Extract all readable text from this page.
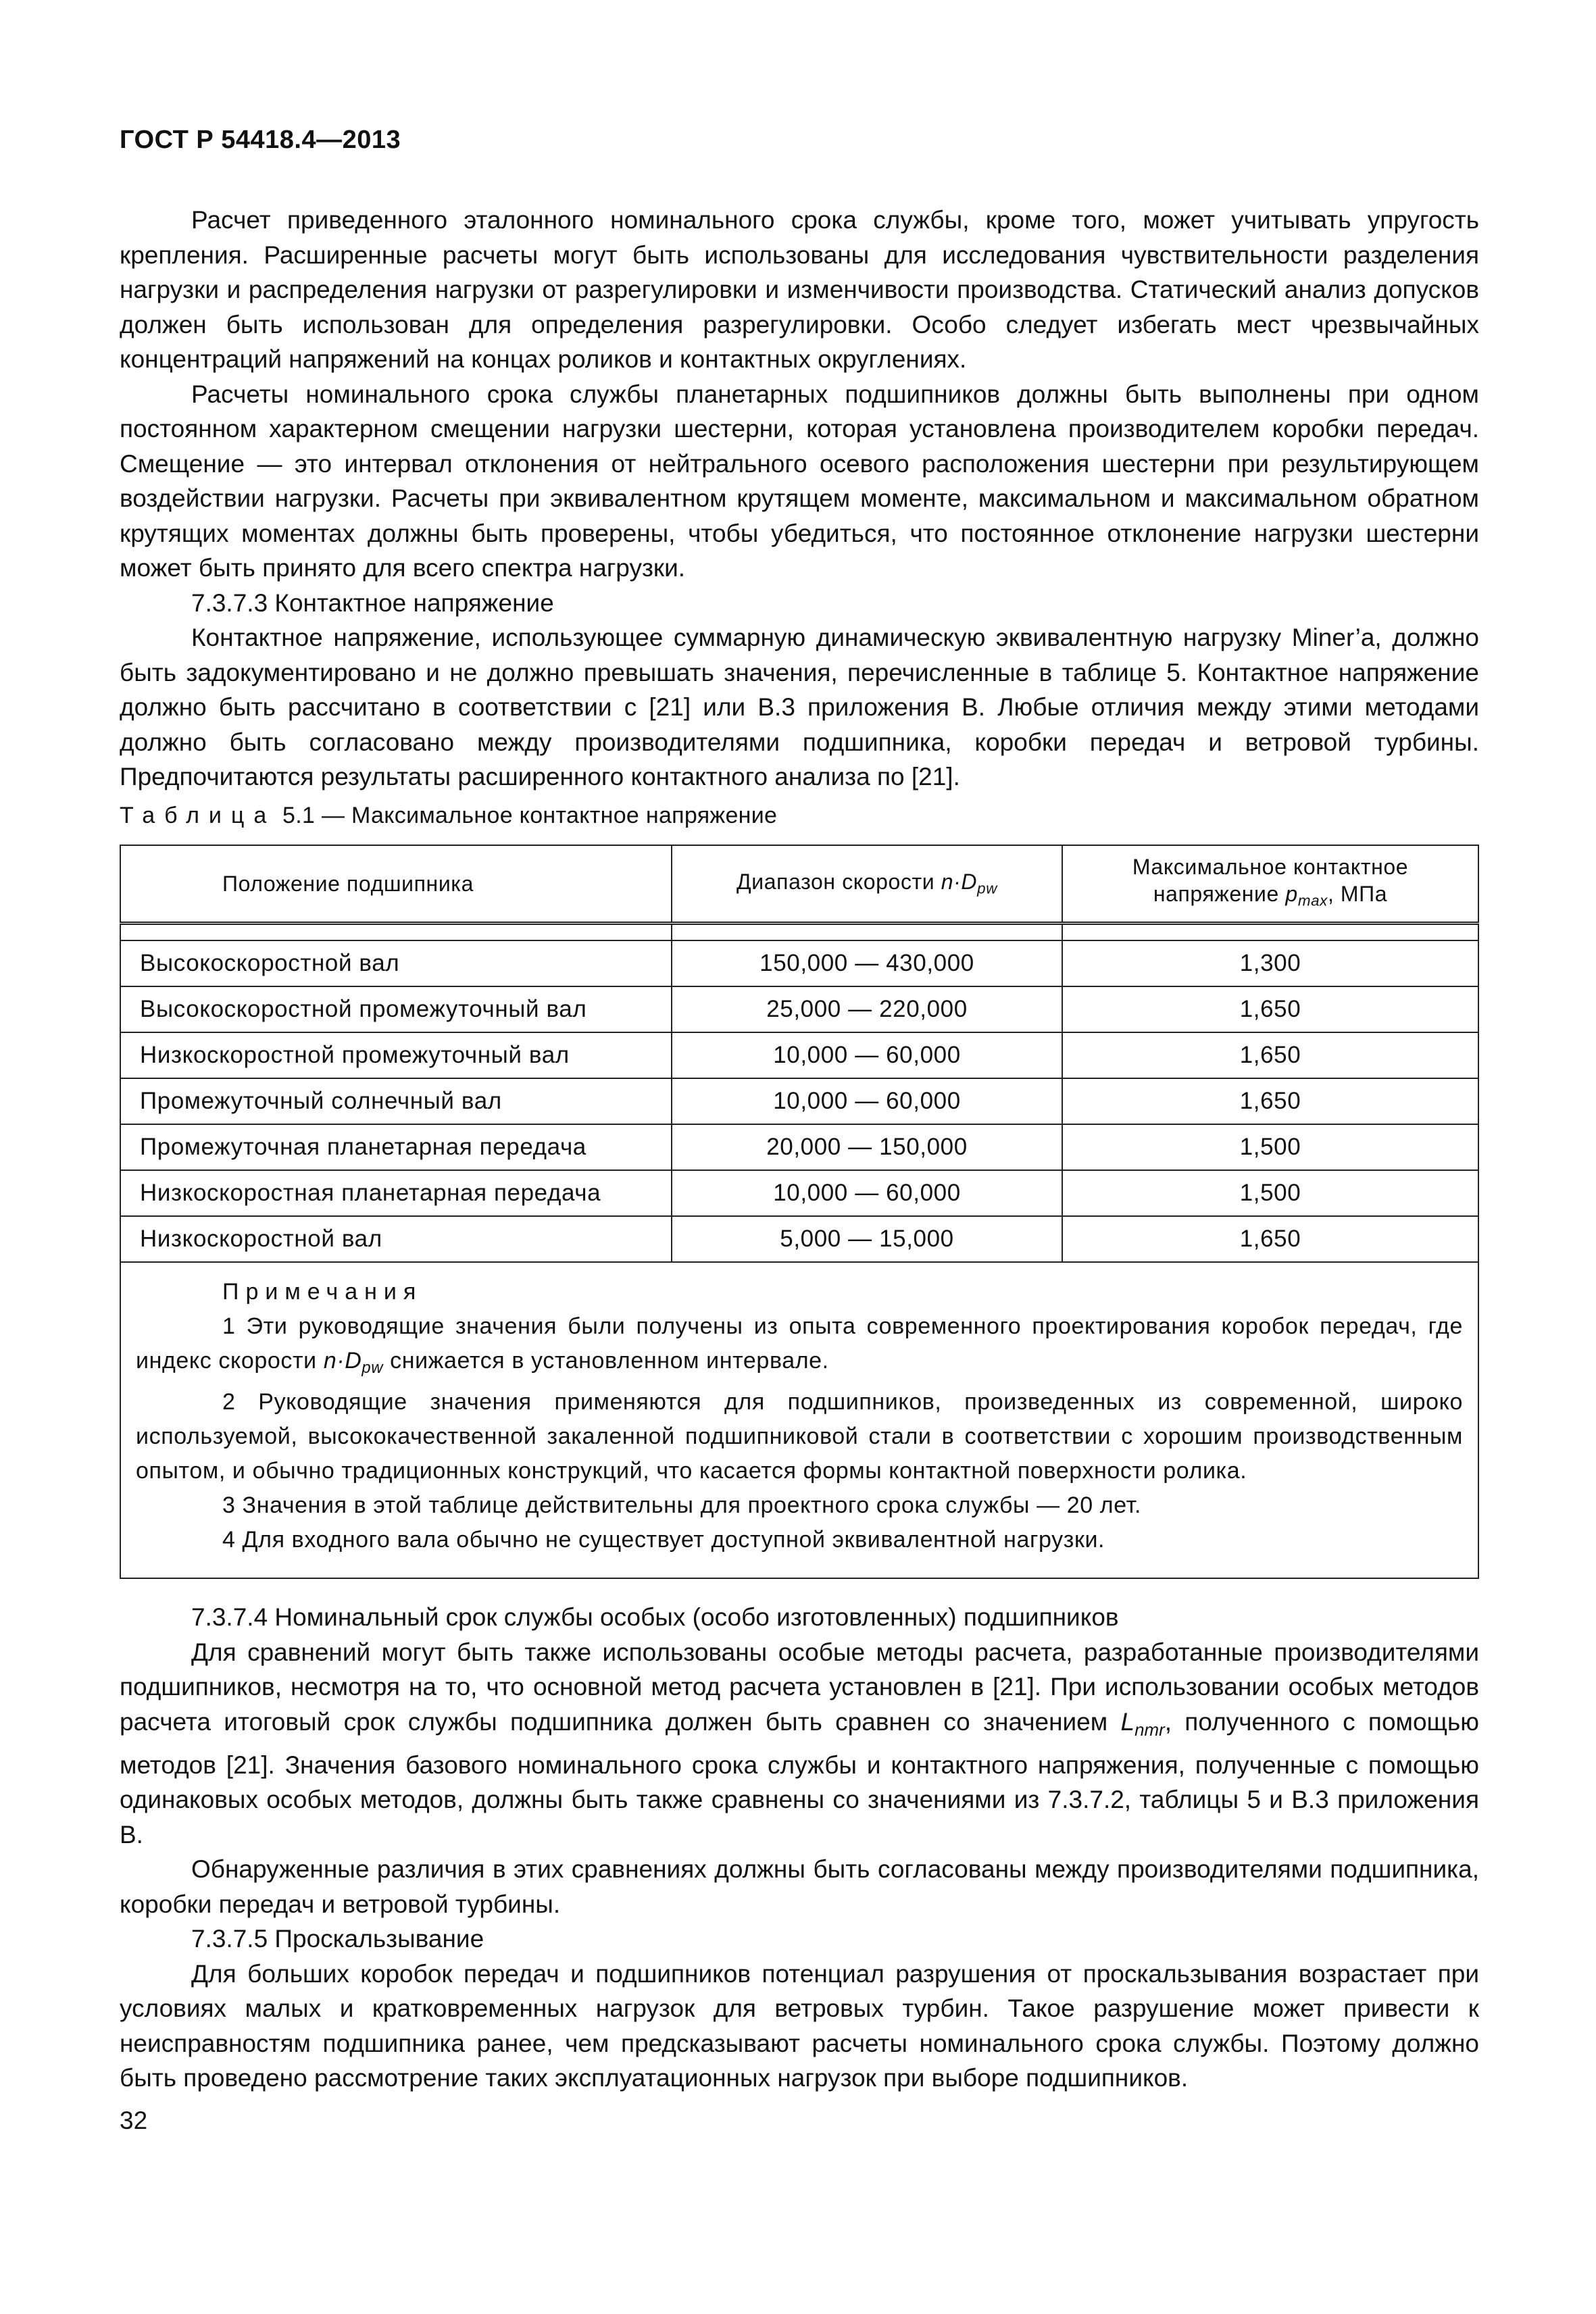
ГОСТ Р 54418.4—2013

Расчет приведенного эталонного номинального срока службы, кроме того, может учитывать упругость крепления. Расширенные расчеты могут быть использованы для исследования чувствительности разделения нагрузки и распределения нагрузки от разрегулировки и изменчивости производства. Статический анализ допусков должен быть использован для определения разрегулировки. Особо следует избегать мест чрезвычайных концентраций напряжений на концах роликов и контактных округлениях.

Расчеты номинального срока службы планетарных подшипников должны быть выполнены при одном постоянном характерном смещении нагрузки шестерни, которая установлена производителем коробки передач. Смещение — это интервал отклонения от нейтрального осевого расположения шестерни при результирующем воздействии нагрузки. Расчеты при эквивалентном крутящем моменте, максимальном и максимальном обратном крутящих моментах должны быть проверены, чтобы убедиться, что постоянное отклонение нагрузки шестерни может быть принято для всего спектра нагрузки.

7.3.7.3 Контактное напряжение

Контактное напряжение, использующее суммарную динамическую эквивалентную нагрузку Miner’a, должно быть задокументировано и не должно превышать значения, перечисленные в таблице 5. Контактное напряжение должно быть рассчитано в соответствии с [21] или В.3 приложения В. Любые отличия между этими методами должно быть согласовано между производителями подшипника, коробки передач и ветровой турбины. Предпочитаются результаты расширенного контактного анализа по [21].

Таблица 5.1 — Максимальное контактное напряжение
Положение подшипника	Диапазон скорости $n\cdot D_{pw}$	Максимальное контактное
напряжение $p_{max}$, МПа

Высокоскоростной вал	150,000 — 430,000	1,300
Высокоскоростной промежуточный вал	25,000 — 220,000	1,650
Низкоскоростной промежуточный вал	10,000 — 60,000	1,650
Промежуточный солнечный вал	10,000 — 60,000	1,650
Промежуточная планетарная передача	20,000 — 150,000	1,500
Низкоскоростная планетарная передача	10,000 — 60,000	1,500
Низкоскоростной вал	5,000 — 15,000	1,650

Примечания

1 Эти руководящие значения были получены из опыта современного проектирования коробок передач, где индекс скорости $n\cdot D_{pw}$ снижается в установленном интервале.

2 Руководящие значения применяются для подшипников, произведенных из современной, широко используемой, высококачественной закаленной подшипниковой стали в соответствии с хорошим производственным опытом, и обычно традиционных конструкций, что касается формы контактной поверхности ролика.

3 Значения в этой таблице действительны для проектного срока службы — 20 лет.

4 Для входного вала обычно не существует доступной эквивалентной нагрузки.		

7.3.7.4 Номинальный срок службы особых (особо изготовленных) подшипников

Для сравнений могут быть также использованы особые методы расчета, разработанные производителями подшипников, несмотря на то, что основной метод расчета установлен в [21]. При использовании особых методов расчета итоговый срок службы подшипника должен быть сравнен со значением $L_{nmr}$, полученного с помощью методов [21]. Значения базового номинального срока службы и контактного напряжения, полученные с помощью одинаковых особых методов, должны быть также сравнены со значениями из 7.3.7.2, таблицы 5 и В.3 приложения В.

Обнаруженные различия в этих сравнениях должны быть согласованы между производителями подшипника, коробки передач и ветровой турбины.

7.3.7.5 Проскальзывание

Для больших коробок передач и подшипников потенциал разрушения от проскальзывания возрастает при условиях малых и кратковременных нагрузок для ветровых турбин. Такое разрушение может привести к неисправностям подшипника ранее, чем предсказывают расчеты номинального срока службы. Поэтому должно быть проведено рассмотрение таких эксплуатационных нагрузок при выборе подшипников.

32
